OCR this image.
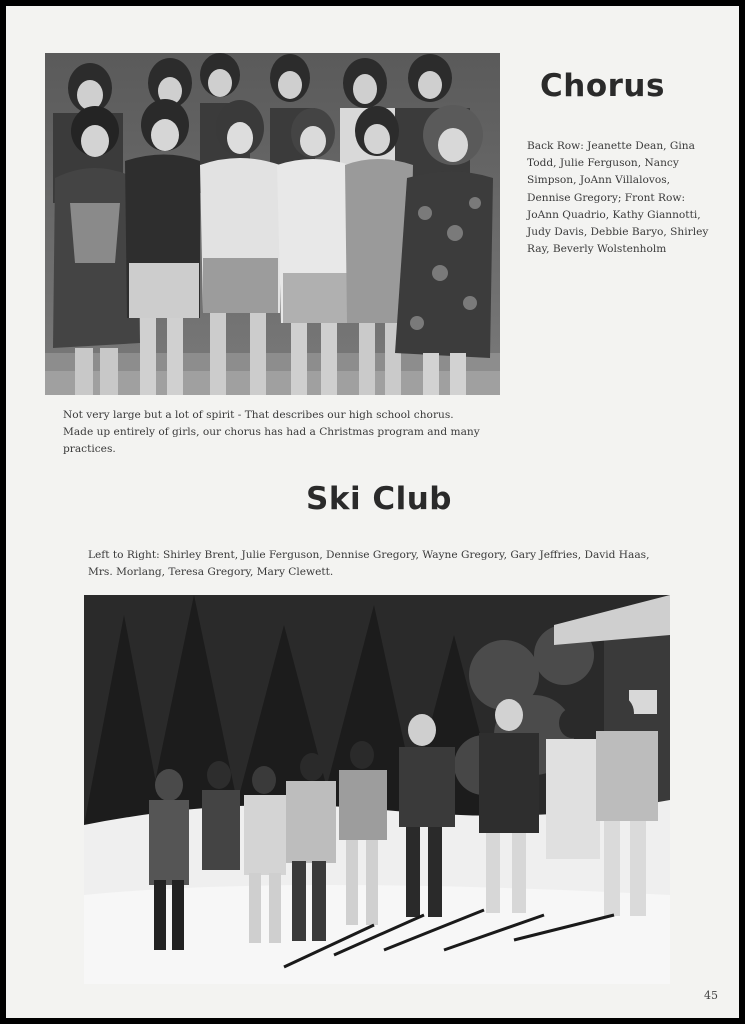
Chorus
Back Row: Jeanette Dean, Gina Todd, Julie Ferguson, Nancy Simpson, JoAnn Villalovos, Dennise Gregory; Front Row: JoAnn Quadrio, Kathy Giannotti, Judy Davis, Debbie Baryo, Shirley Ray, Beverly Wolstenholm
Not very large but a lot of spirit - That describes our high school chorus. Made up entirely of girls, our chorus has had a Christmas program and many practices.
Ski Club
Left to Right: Shirley Brent, Julie Ferguson, Dennise Gregory, Wayne Gregory, Gary Jeffries, David Haas, Mrs. Morlang, Teresa Gregory, Mary Clewett.
45
